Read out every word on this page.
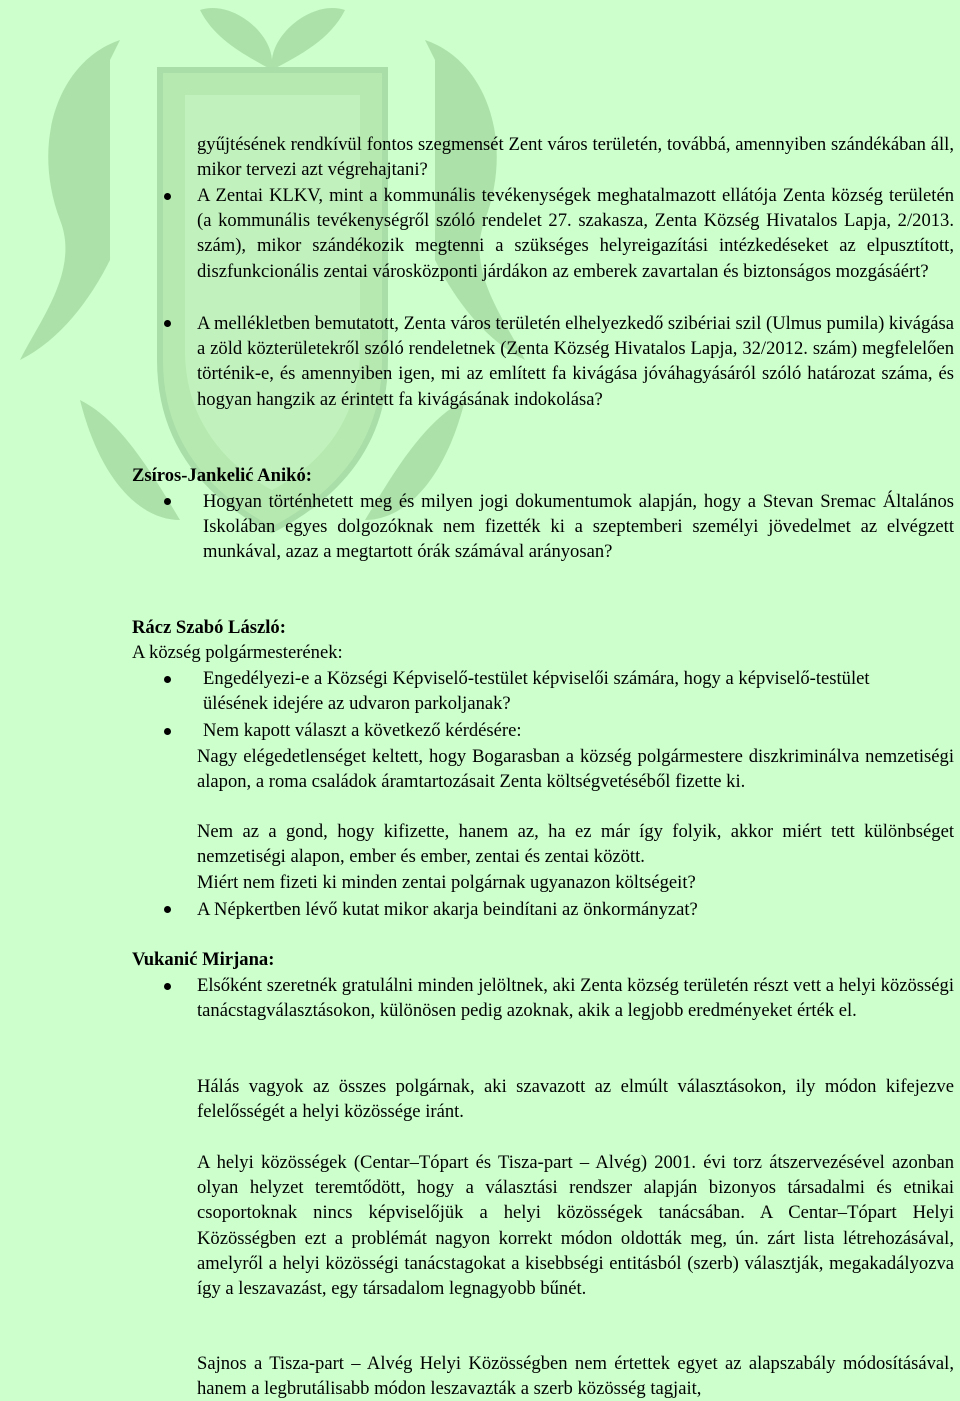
gyűjtésének rendkívül fontos szegmensét Zent város területén, továbbá, amennyiben szándékában áll, mikor tervezi azt végrehajtani?

A Zentai KLKV, mint a kommunális tevékenységek meghatalmazott ellátója Zenta község területén (a kommunális tevékenységről szóló rendelet 27. szakasza, Zenta Község Hivatalos Lapja, 2/2013. szám), mikor szándékozik megtenni a szükséges helyreigazítási intézkedéseket az elpusztított, diszfunkcionális zentai városközponti járdákon az emberek zavartalan és biztonságos mozgásáért?

A mellékletben bemutatott, Zenta város területén elhelyezkedő szibériai szil (Ulmus pumila) kivágása a zöld közterületekről szóló rendeletnek (Zenta Község Hivatalos Lapja, 32/2012. szám) megfelelően történik-e, és amennyiben igen, mi az említett fa kivágása jóváhagyásáról szóló határozat száma, és hogyan hangzik az érintett fa kivágásának indokolása?

Zsíros-Jankelić Anikó:

Hogyan történhetett meg és milyen jogi dokumentumok alapján, hogy a Stevan Sremac Általános Iskolában egyes dolgozóknak nem fizették ki a szeptemberi személyi jövedelmet az elvégzett munkával, azaz a megtartott órák számával arányosan?

Rácz Szabó László:
A község polgármesterének:

Engedélyezi-e a Községi Képviselő-testület képviselői számára, hogy a képviselő-testület ülésének idejére az udvaron parkoljanak?

Nem kapott választ a következő kérdésére:

Nagy elégedetlenséget keltett, hogy Bogarasban a község polgármestere diszkriminálva nemzetiségi alapon, a roma családok áramtartozásait Zenta költségvetéséből fizette ki.

Nem az a gond, hogy kifizette, hanem az, ha ez már így folyik, akkor miért tett különbséget nemzetiségi alapon, ember és ember, zentai és zentai között.

Miért nem fizeti ki minden zentai polgárnak ugyanazon költségeit?

A Népkertben lévő kutat mikor akarja beindítani az önkormányzat?

Vukanić Mirjana:

Elsőként szeretnék gratulálni minden jelöltnek, aki Zenta község területén részt vett a helyi közösségi tanácstagválasztásokon, különösen pedig azoknak, akik a legjobb eredményeket érték el.

Hálás vagyok az összes polgárnak, aki szavazott az elmúlt választásokon, ily módon kifejezve felelősségét a helyi közössége iránt.

A helyi közösségek (Centar–Tópart és Tisza-part – Alvég) 2001. évi torz átszervezésével azonban olyan helyzet teremtődött, hogy a választási rendszer alapján bizonyos társadalmi és etnikai csoportoknak nincs képviselőjük a helyi közösségek tanácsában. A Centar–Tópart Helyi Közösségben ezt a problémát nagyon korrekt módon oldották meg, ún. zárt lista létrehozásával, amelyről a helyi közösségi tanácstagokat a kisebbségi entitásból (szerb) választják, megakadályozva így a leszavazást, egy társadalom legnagyobb bűnét.

Sajnos a Tisza-part – Alvég Helyi Közösségben nem értettek egyet az alapszabály módosításával, hanem a legbrutálisabb módon leszavazták a szerb közösség tagjait,
